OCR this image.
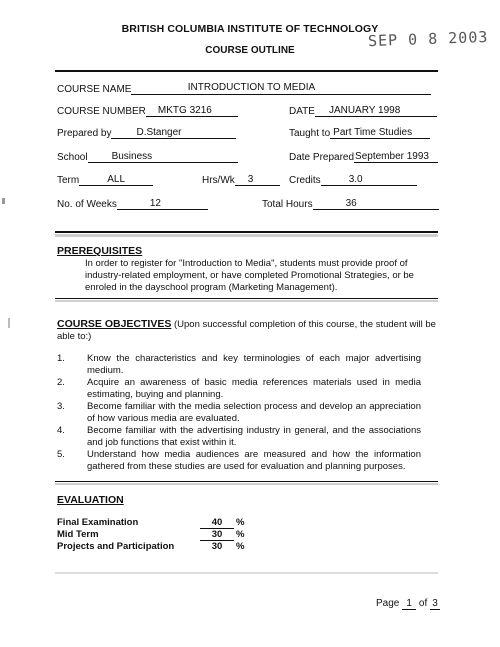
BRITISH COLUMBIA INSTITUTE OF TECHNOLOGY
COURSE OUTLINE
SEP 0 8 2003
COURSE NAME	INTRODUCTION TO MEDIA
COURSE NUMBER MKTG 3216	DATE JANUARY 1998
Prepared by	D.Stanger	Taught to Part Time Studies
School Business	Date PreparedSeptember 1993
Term	ALL	Hrs/Wk 3	Credits	3.0
No. of Weeks	12	Total Hours	36
PREREQUISITES
In order to register for "Introduction to Media", students must provide proof of industry-related employment, or have completed Promotional Strategies, or be enroled in the dayschool program (Marketing Management).
COURSE OBJECTIVES (Upon successful completion of this course, the student will be able to:)
1. Know the characteristics and key terminologies of each major advertising medium.
2. Acquire an awareness of basic media references materials used in media estimating, buying and planning.
3. Become familiar with the media selection process and develop an appreciation of how various media are evaluated.
4. Become familiar with the advertising industry in general, and the associations and job functions that exist within it.
5. Understand how media audiences are measured and how the information gathered from these studies are used for evaluation and planning purposes.
EVALUATION
Final Examination	40	%
Mid Term	30	%
Projects and Participation	30	%
Page 1 of 3
